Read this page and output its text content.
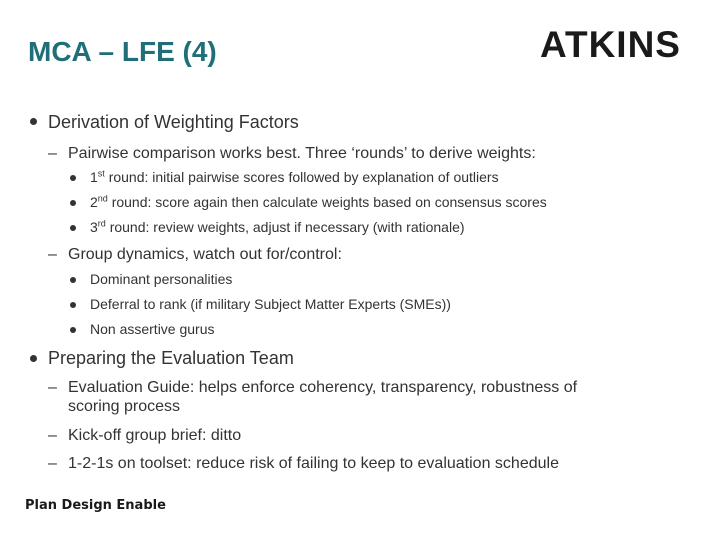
MCA – LFE (4)	ATKINS
Derivation of Weighting Factors
– Pairwise comparison works best. Three ‘rounds’ to derive weights:
1st round: initial pairwise scores followed by explanation of outliers
2nd round: score again then calculate weights based on consensus scores
3rd round: review weights, adjust if necessary (with rationale)
– Group dynamics, watch out for/control:
Dominant personalities
Deferral to rank (if military Subject Matter Experts (SMEs))
Non assertive gurus
Preparing the Evaluation Team
– Evaluation Guide: helps enforce coherency, transparency, robustness of
scoring process
– Kick-off group brief: ditto
– 1-2-1s on toolset: reduce risk of failing to keep to evaluation schedule
Plan Design Enable
